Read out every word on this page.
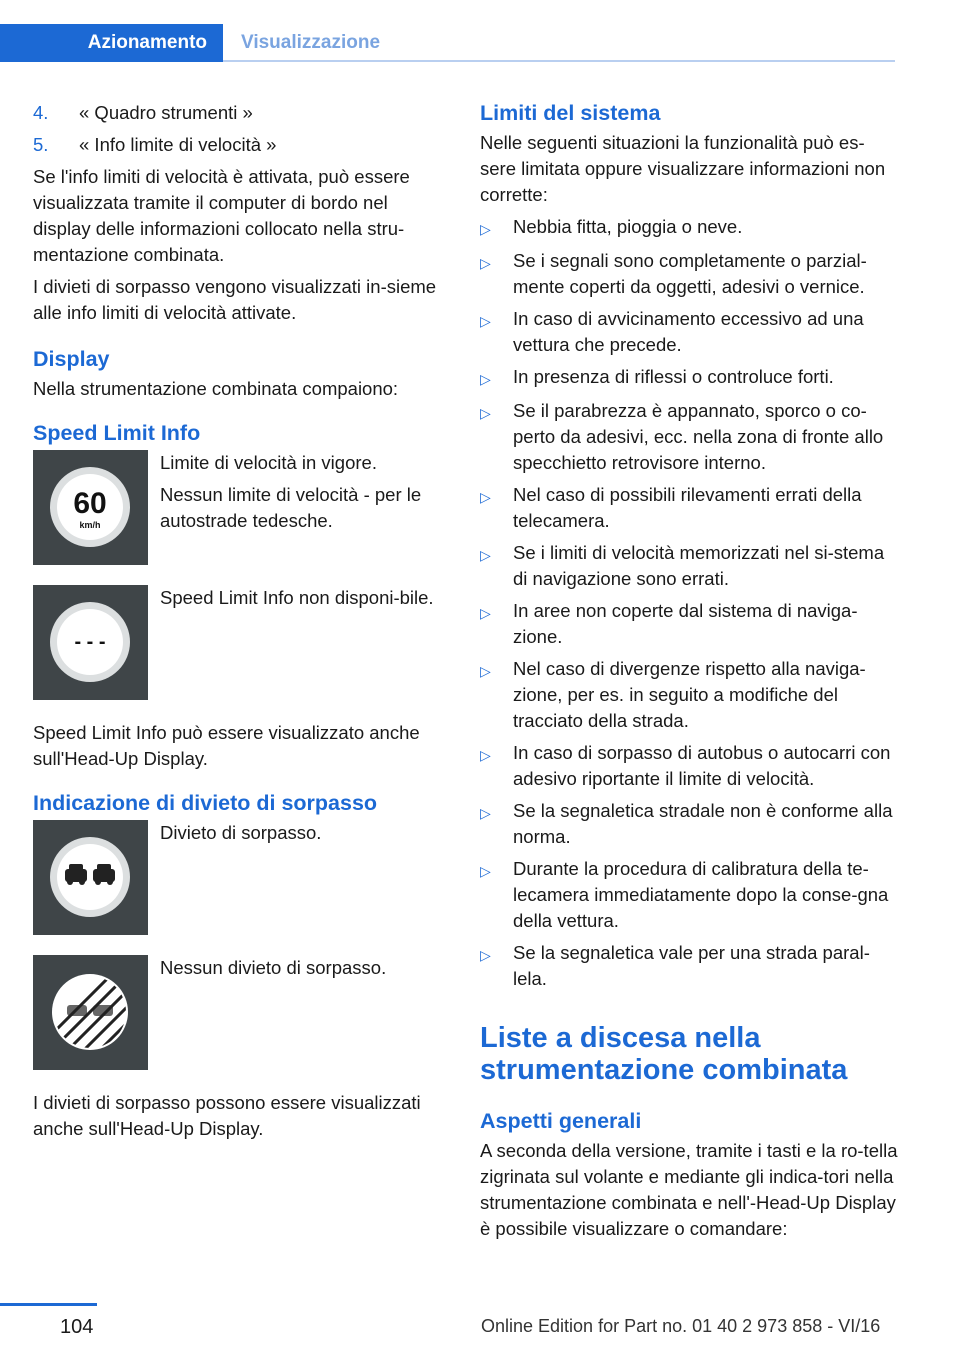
Azionamento	Visualizzazione
4.	« Quadro strumenti »
5.	« Info limite di velocità »

Se l'info limiti di velocità è attivata, può essere visualizzata tramite il computer di bordo nel display delle informazioni collocato nella stru‐mentazione combinata.

I divieti di sorpasso vengono visualizzati in‐sieme alle info limiti di velocità attivate.

Display

Nella strumentazione combinata compaiono:

Speed Limit Info
60
km/h

Limite di velocità in vigore.

Nessun limite di velocità - per le autostrade tedesche.

- - -

Speed Limit Info non disponi‐bile.

Speed Limit Info può essere visualizzato anche sull'Head-Up Display.

Indicazione di divieto di sorpasso

Divieto di sorpasso.

Nessun divieto di sorpasso.

I divieti di sorpasso possono essere visualizzati anche sull'Head-Up Display.

Limiti del sistema

Nelle seguenti situazioni la funzionalità può es‐sere limitata oppure visualizzare informazioni non corrette:

▷	Nebbia fitta, pioggia o neve.
▷	Se i segnali sono completamente o parzial‐mente coperti da oggetti, adesivi o vernice.
▷	In caso di avvicinamento eccessivo ad una vettura che precede.
▷	In presenza di riflessi o controluce forti.
▷	Se il parabrezza è appannato, sporco o co‐perto da adesivi, ecc. nella zona di fronte allo specchietto retrovisore interno.
▷	Nel caso di possibili rilevamenti errati della telecamera.
▷	Se i limiti di velocità memorizzati nel si‐stema di navigazione sono errati.
▷	In aree non coperte dal sistema di naviga‐zione.
▷	Nel caso di divergenze rispetto alla naviga‐zione, per es. in seguito a modifiche del tracciato della strada.
▷	In caso di sorpasso di autobus o autocarri con adesivo riportante il limite di velocità.
▷	Se la segnaletica stradale non è conforme alla norma.
▷	Durante la procedura di calibratura della te‐lecamera immediatamente dopo la conse‐gna della vettura.
▷	Se la segnaletica vale per una strada paral‐lela.
Liste a discesa nella strumentazione combinata
Aspetti generali

A seconda della versione, tramite i tasti e la ro‐tella zigrinata sul volante e mediante gli indica‐tori nella strumentazione combinata e nell'-Head-Up Display è possibile visualizzare o comandare:

104	Online Edition for Part no. 01 40 2 973 858 - VI/16
